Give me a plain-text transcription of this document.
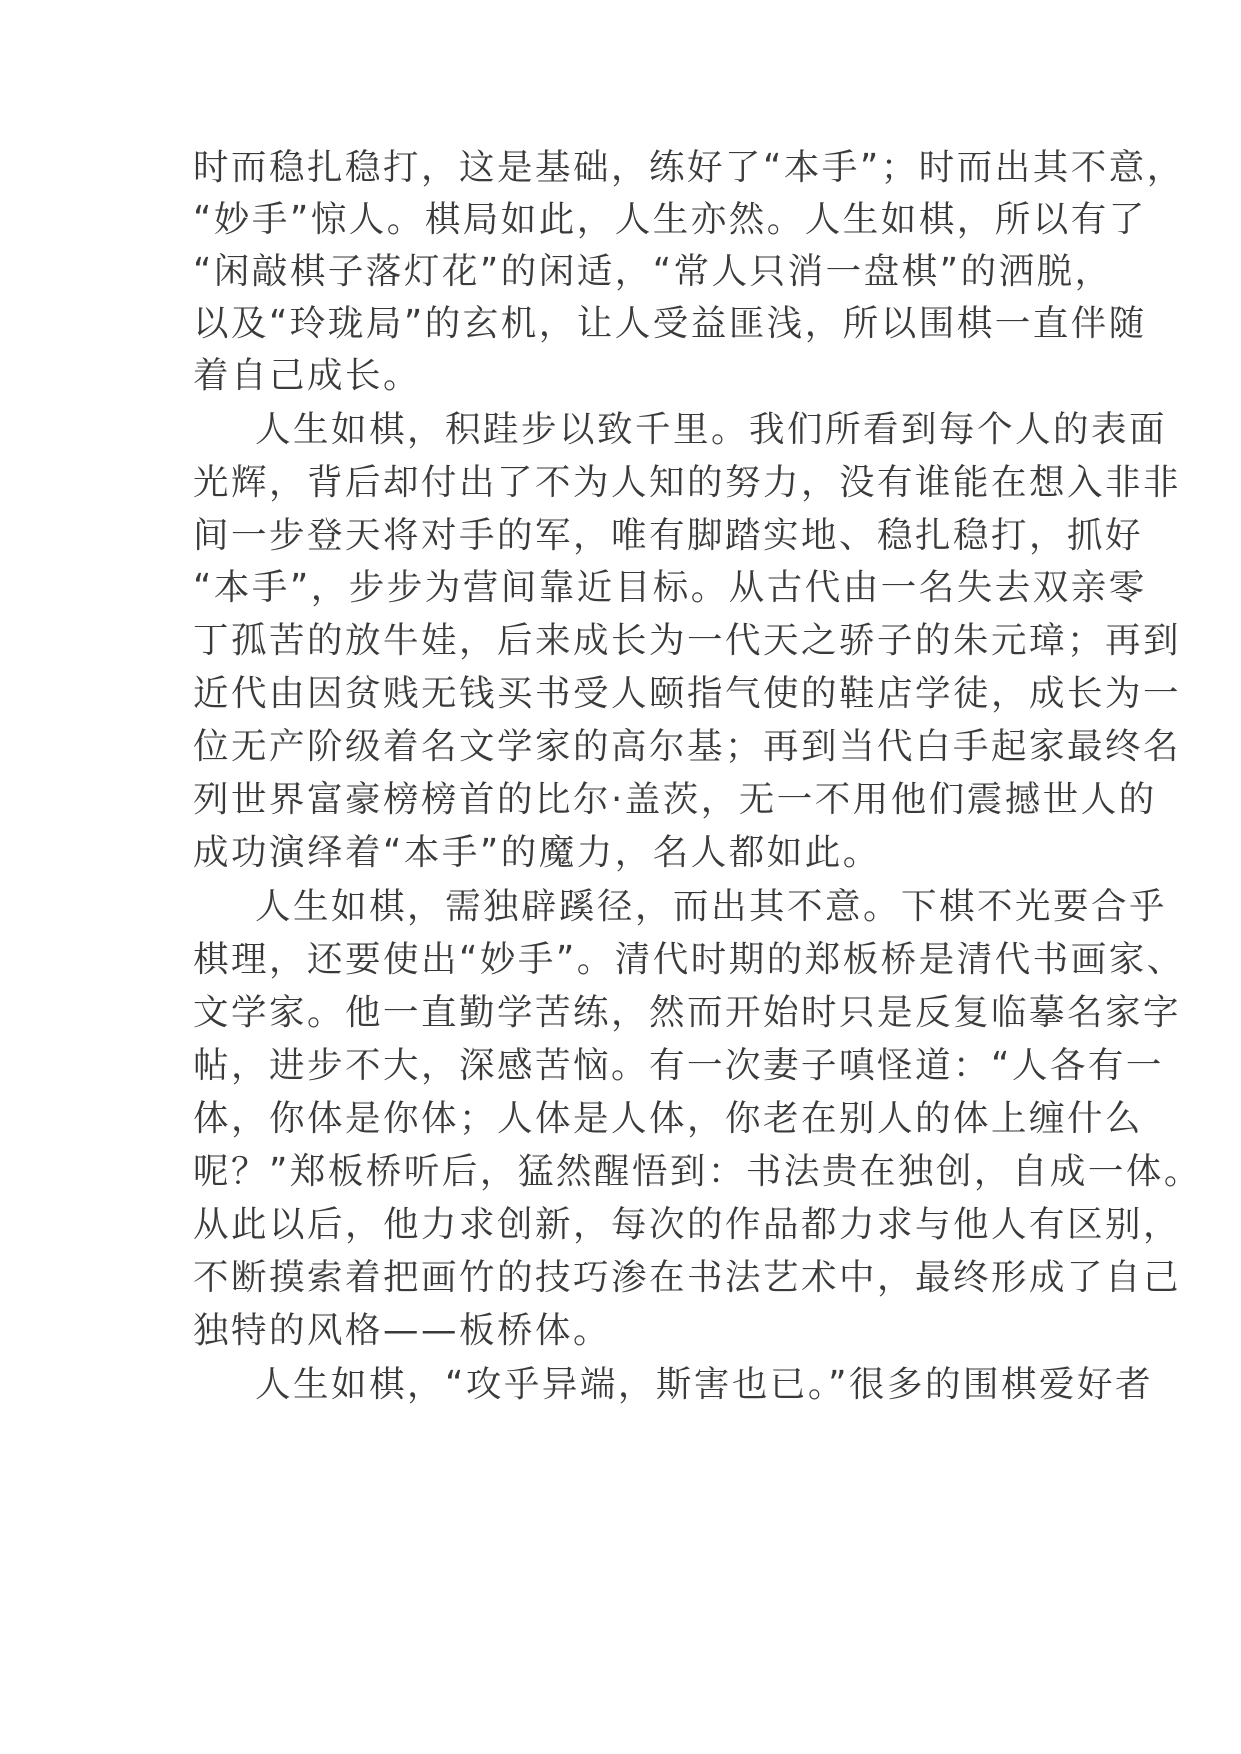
时而稳扎稳打，这是基础，练好了“本手”；时而出其不意，
“妙手”惊人。棋局如此，人生亦然。人生如棋，所以有了
“闲敲棋子落灯花”的闲适，“常人只消一盘棋”的洒脱，
以及“玲珑局”的玄机，让人受益匪浅，所以围棋一直伴随
着自己成长。
人生如棋，积跬步以致千里。我们所看到每个人的表面
光辉，背后却付出了不为人知的努力，没有谁能在想入非非
间一步登天将对手的军，唯有脚踏实地、稳扎稳打，抓好
“本手”，步步为营间靠近目标。从古代由一名失去双亲零
丁孤苦的放牛娃，后来成长为一代天之骄子的朱元璋；再到
近代由因贫贱无钱买书受人颐指气使的鞋店学徒，成长为一
位无产阶级着名文学家的高尔基；再到当代白手起家最终名
列世界富豪榜榜首的比尔·盖茨，无一不用他们震撼世人的
成功演绎着“本手”的魔力，名人都如此。
人生如棋，需独辟蹊径，而出其不意。下棋不光要合乎
棋理，还要使出“妙手”。清代时期的郑板桥是清代书画家、
文学家。他一直勤学苦练，然而开始时只是反复临摹名家字
帖，进步不大，深感苦恼。有一次妻子嗔怪道：“人各有一
体，你体是你体；人体是人体，你老在别人的体上缠什么
呢？”郑板桥听后，猛然醒悟到：书法贵在独创，自成一体。
从此以后，他力求创新，每次的作品都力求与他人有区别，
不断摸索着把画竹的技巧渗在书法艺术中，最终形成了自己
独特的风格——板桥体。
人生如棋，“攻乎异端，斯害也已。”很多的围棋爱好者
